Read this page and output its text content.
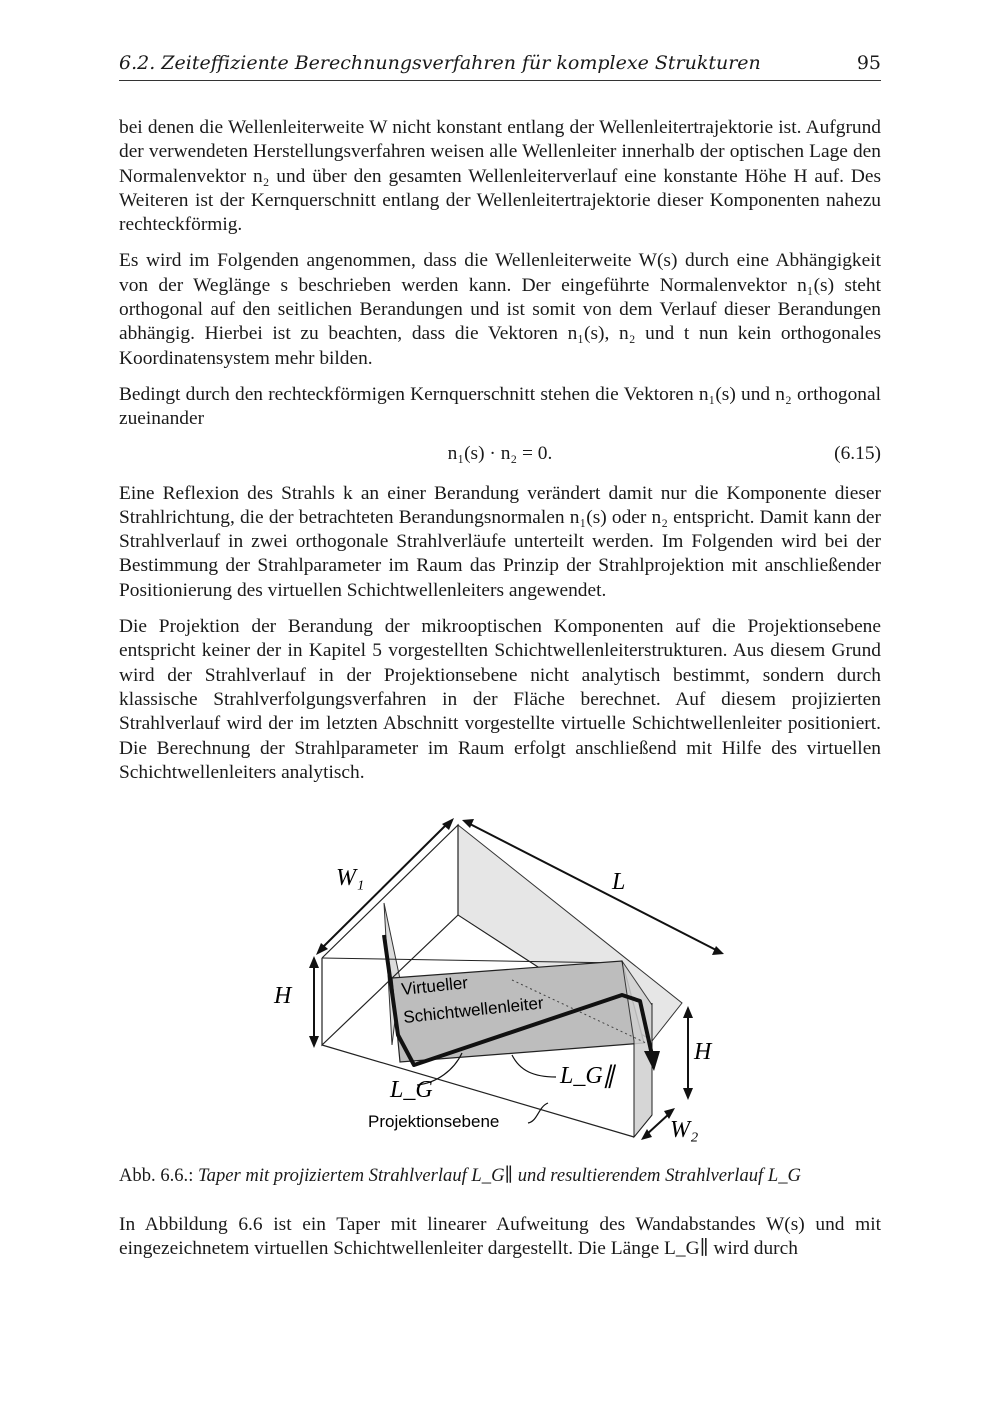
6.2. Zeiteffiziente Berechnungsverfahren für komplexe Strukturen	95

bei denen die Wellenleiterweite W nicht konstant entlang der Wellenleitertrajektorie ist. Aufgrund der verwendeten Herstellungsverfahren weisen alle Wellenleiter innerhalb der optischen Lage den Normalenvektor n₂ und über den gesamten Wellenleiterverlauf eine konstante Höhe H auf. Des Weiteren ist der Kernquerschnitt entlang der Wellenleitertrajektorie dieser Komponenten nahezu rechteckförmig.

Es wird im Folgenden angenommen, dass die Wellenleiterweite W(s) durch eine Abhängigkeit von der Weglänge s beschrieben werden kann. Der eingeführte Normalenvektor n₁(s) steht orthogonal auf den seitlichen Berandungen und ist somit von dem Verlauf dieser Berandungen abhängig. Hierbei ist zu beachten, dass die Vektoren n₁(s), n₂ und t nun kein orthogonales Koordinatensystem mehr bilden.

Bedingt durch den rechteckförmigen Kernquerschnitt stehen die Vektoren n₁(s) und n₂ orthogonal zueinander

n₁(s) · n₂ = 0.	(6.15)

Eine Reflexion des Strahls k an einer Berandung verändert damit nur die Komponente dieser Strahlrichtung, die der betrachteten Berandungsnormalen n₁(s) oder n₂ entspricht. Damit kann der Strahlverlauf in zwei orthogonale Strahlverläufe unterteilt werden. Im Folgenden wird bei der Bestimmung der Strahlparameter im Raum das Prinzip der Strahlprojektion mit anschließender Positionierung des virtuellen Schichtwellenleiters angewendet.

Die Projektion der Berandung der mikrooptischen Komponenten auf die Projektionsebene entspricht keiner der in Kapitel 5 vorgestellten Schichtwellenleiterstrukturen. Aus diesem Grund wird der Strahlverlauf in der Projektionsebene nicht analytisch bestimmt, sondern durch klassische Strahlverfolgungsverfahren in der Fläche berechnet. Auf diesem projizierten Strahlverlauf wird der im letzten Abschnitt vorgestellte virtuelle Schichtwellenleiter positioniert. Die Berechnung der Strahlparameter im Raum erfolgt anschließend mit Hilfe des virtuellen Schichtwellenleiters analytisch.

W₁	L
H
H
W₂
Virtueller
Schichtwellenleiter
L_G
L_G∥
Projektionsebene
Abb. 6.6.: Taper mit projiziertem Strahlverlauf L_G∥ und resultierendem Strahlverlauf L_G

In Abbildung 6.6 ist ein Taper mit linearer Aufweitung des Wandabstandes W(s) und mit eingezeichnetem virtuellen Schichtwellenleiter dargestellt. Die Länge L_G∥ wird durch
